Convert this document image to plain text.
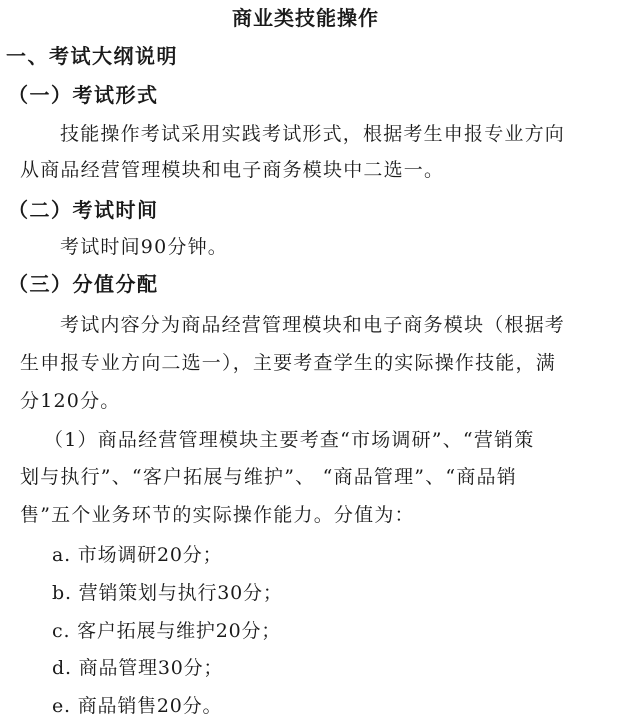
商业类技能操作
一、考试大纲说明
（一）考试形式
技能操作考试采用实践考试形式，根据考生申报专业方向
从商品经营管理模块和电子商务模块中二选一。
（二）考试时间
考试时间90分钟。
（三）分值分配
考试内容分为商品经营管理模块和电子商务模块（根据考
生申报专业方向二选一），主要考查学生的实际操作技能，满
分120分。
（1）商品经营管理模块主要考查“市场调研”、“营销策
划与执行”、“客户拓展与维护”、 “商品管理”、“商品销
售”五个业务环节的实际操作能力。分值为：
a. 市场调研20分；
b. 营销策划与执行30分；
c. 客户拓展与维护20分；
d. 商品管理30分；
e. 商品销售20分。
